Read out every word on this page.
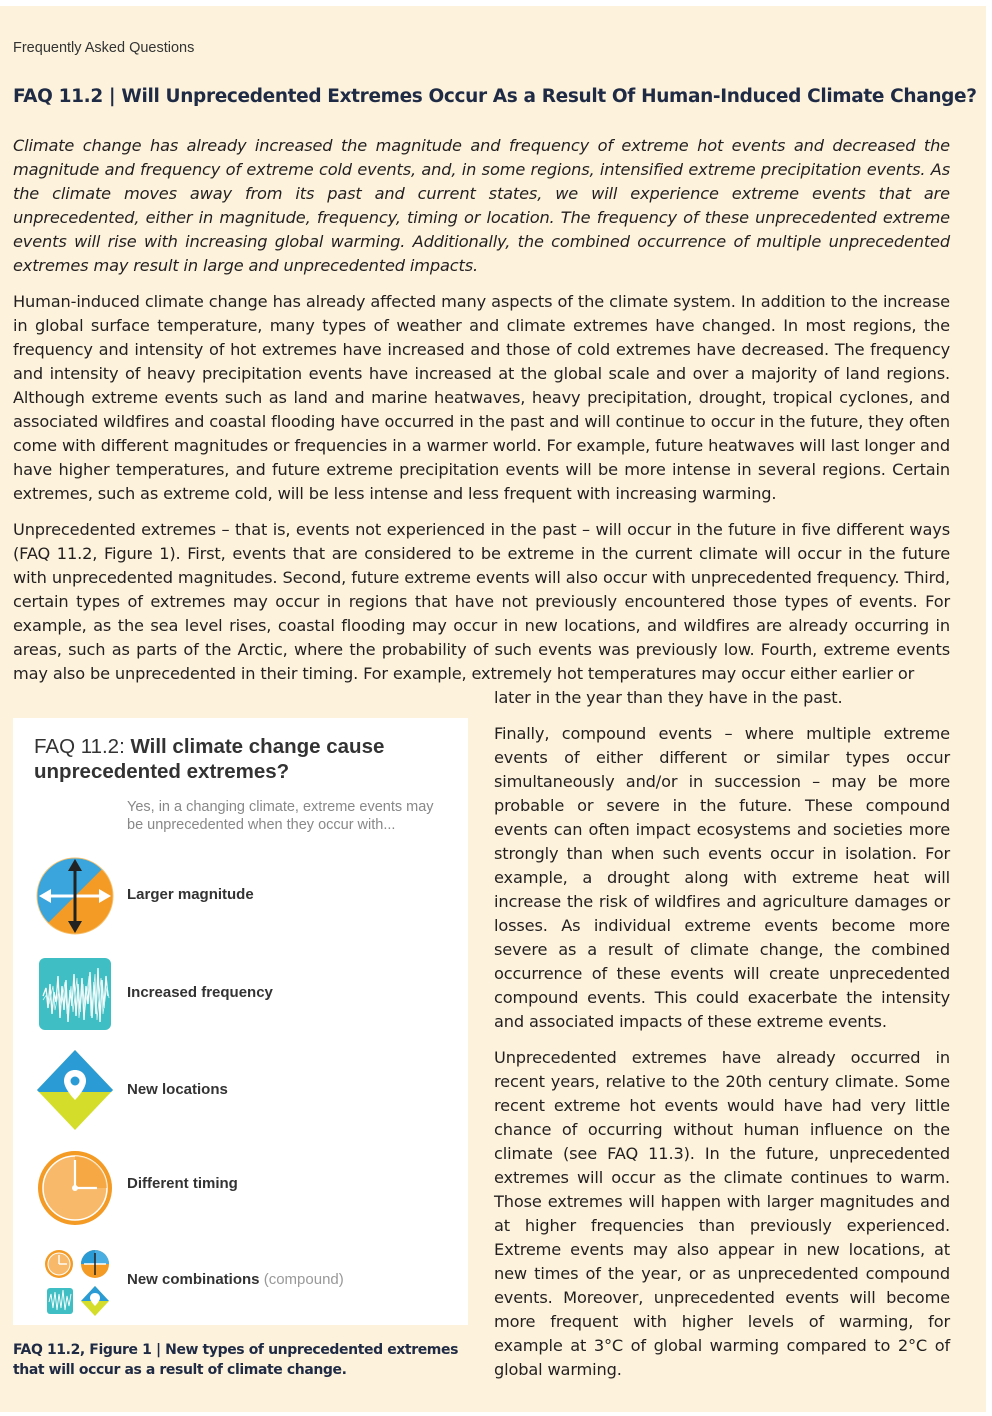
Frequently Asked Questions
FAQ 11.2 | Will Unprecedented Extremes Occur As a Result Of Human-Induced Climate Change?

Climate change has already increased the magnitude and frequency of extreme hot events and decreased the magnitude and frequency of extreme cold events, and, in some regions, intensified extreme precipitation events. As the climate moves away from its past and current states, we will experience extreme events that are unprecedented, either in magnitude, frequency, timing or location. The frequency of these unprecedented extreme events will rise with increasing global warming. Additionally, the combined occurrence of multiple unprecedented extremes may result in large and unprecedented impacts.

Human-induced climate change has already affected many aspects of the climate system. In addition to the increase in global surface temperature, many types of weather and climate extremes have changed. In most regions, the frequency and intensity of hot extremes have increased and those of cold extremes have decreased. The frequency and intensity of heavy precipitation events have increased at the global scale and over a majority of land regions. Although extreme events such as land and marine heatwaves, heavy precipitation, drought, tropical cyclones, and associated wildfires and coastal flooding have occurred in the past and will continue to occur in the future, they often come with different magnitudes or frequencies in a warmer world. For example, future heatwaves will last longer and have higher temperatures, and future extreme precipitation events will be more intense in several regions. Certain extremes, such as extreme cold, will be less intense and less frequent with increasing warming.

Unprecedented extremes – that is, events not experienced in the past – will occur in the future in five different ways (FAQ 11.2, Figure 1). First, events that are considered to be extreme in the current climate will occur in the future with unprecedented magnitudes. Second, future extreme events will also occur with unprecedented frequency. Third, certain types of extremes may occur in regions that have not previously encountered those types of events. For example, as the sea level rises, coastal flooding may occur in new locations, and wildfires are already occurring in areas, such as parts of the Arctic, where the probability of such events was previously low. Fourth, extreme events may also be unprecedented in their timing. For example, extremely hot temperatures may occur either earlier or

later in the year than they have in the past.

Finally, compound events – where multiple extreme events of either different or similar types occur simultaneously and/or in succession – may be more probable or severe in the future. These compound events can often impact ecosystems and societies more strongly than when such events occur in isolation. For example, a drought along with extreme heat will increase the risk of wildfires and agriculture damages or losses. As individual extreme events become more severe as a result of climate change, the combined occurrence of these events will create unprecedented compound events. This could exacerbate the intensity and associated impacts of these extreme events.

Unprecedented extremes have already occurred in recent years, relative to the 20th century climate. Some recent extreme hot events would have had very little chance of occurring without human influence on the climate (see FAQ 11.3). In the future, unprecedented extremes will occur as the climate continues to warm. Those extremes will happen with larger magnitudes and at higher frequencies than previously experienced. Extreme events may also appear in new locations, at new times of the year, or as unprecedented compound events. Moreover, unprecedented events will become more frequent with higher levels of warming, for example at 3°C of global warming compared to 2°C of global warming.

FAQ 11.2: Will climate change cause unprecedented extremes?
Yes, in a changing climate, extreme events may be unprecedented when they occur with...
Larger magnitude
Increased frequency
New locations
Different timing
New combinations (compound)
FAQ 11.2, Figure 1 | New types of unprecedented extremes that will occur as a result of climate change.
